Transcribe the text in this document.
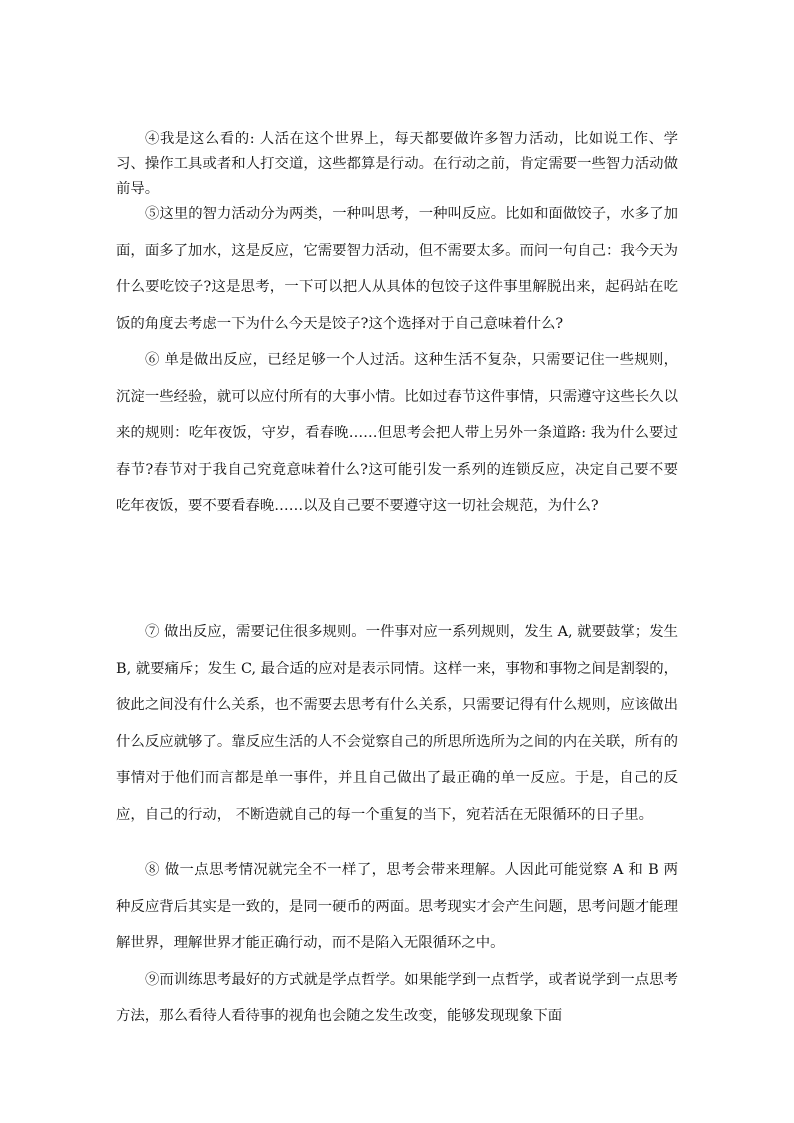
④我是这么看的: 人活在这个世界上，每天都要做许多智力活动，比如说工作、学习、操作工具或者和人打交道，这些都算是行动。在行动之前，肯定需要一些智力活动做前导。

⑤这里的智力活动分为两类，一种叫思考，一种叫反应。比如和面做饺子，水多了加面，面多了加水，这是反应，它需要智力活动，但不需要太多。而问一句自己：我今天为什么要吃饺子?这是思考，一下可以把人从具体的包饺子这件事里解脱出来，起码站在吃饭的角度去考虑一下为什么今天是饺子?这个选择对于自己意味着什么?

⑥ 单是做出反应，已经足够一个人过活。这种生活不复杂，只需要记住一些规则，沉淀一些经验，就可以应付所有的大事小情。比如过春节这件事情，只需遵守这些长久以来的规则：吃年夜饭，守岁，看春晚……但思考会把人带上另外一条道路: 我为什么要过春节?春节对于我自己究竟意味着什么?这可能引发一系列的连锁反应，决定自己要不要吃年夜饭，要不要看春晚……以及自己要不要遵守这一切社会规范，为什么?

⑦ 做出反应，需要记住很多规则。一件事对应一系列规则，发生 A, 就要鼓掌；发生 B, 就要痛斥；发生 C, 最合适的应对是表示同情。这样一来，事物和事物之间是割裂的，彼此之间没有什么关系，也不需要去思考有什么关系，只需要记得有什么规则，应该做出什么反应就够了。靠反应生活的人不会觉察自己的所思所选所为之间的内在关联，所有的事情对于他们而言都是单一事件，并且自己做出了最正确的单一反应。于是，自己的反应，自己的行动， 不断造就自己的每一个重复的当下，宛若活在无限循环的日子里。

⑧ 做一点思考情况就完全不一样了，思考会带来理解。人因此可能觉察 A 和 B 两种反应背后其实是一致的，是同一硬币的两面。思考现实才会产生问题，思考问题才能理解世界，理解世界才能正确行动，而不是陷入无限循环之中。

⑨而训练思考最好的方式就是学点哲学。如果能学到一点哲学，或者说学到一点思考方法，那么看待人看待事的视角也会随之发生改变，能够发现现象下面
